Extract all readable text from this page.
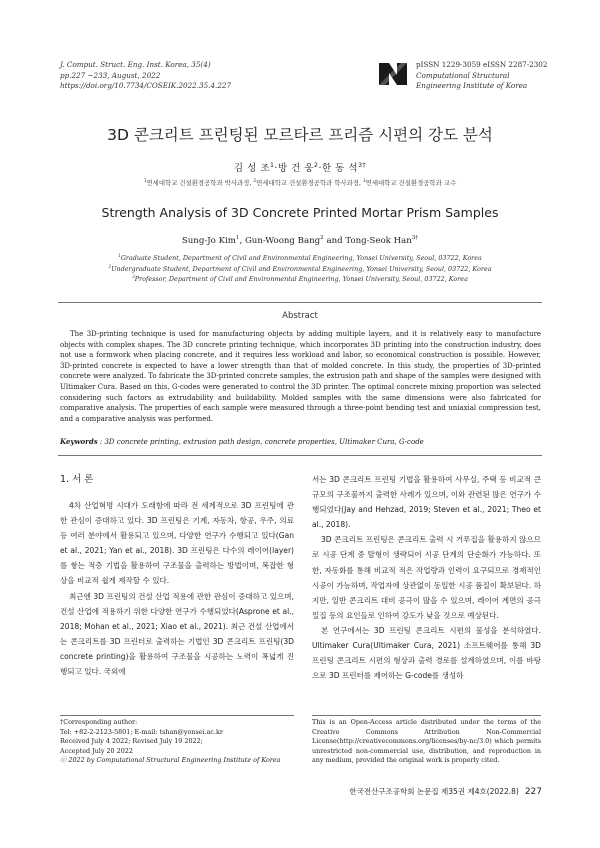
J. Comput. Struct. Eng. Inst. Korea, 35(4)
pp.227 ~233, August, 2022
https://doi.org/10.7734/COSEIK.2022.35.4.227
pISSN 1229-3059 eISSN 2287-2302
Computational Structural
Engineering Institute of Korea
3D 콘크리트 프린팅된 모르타르 프리즘 시편의 강도 분석
김 성 조$^1$·방 건 웅$^2$·한 동 석$^{3\dagger}$
$^1$연세대학교 건설환경공학과 박사과정, $^2$연세대학교 건설환경공학과 학사과정, $^3$연세대학교 건설환경공학과 교수
Strength Analysis of 3D Concrete Printed Mortar Prism Samples
Sung-Jo Kim$^1$, Gun-Woong Bang$^2$ and Tong-Seok Han$^{3\dagger}$
$^1$Graduate Student, Department of Civil and Environmental Engineering, Yonsei University, Seoul, 03722, Korea
$^2$Undergraduate Student, Department of Civil and Environmental Engineering, Yonsei University, Seoul, 03722, Korea
$^3$Professor, Department of Civil and Environmental Engineering, Yonsei University, Seoul, 03722, Korea
Abstract
The 3D-printing technique is used for manufacturing objects by adding multiple layers, and it is relatively easy to manufacture objects with complex shapes. The 3D concrete printing technique, which incorporates 3D printing into the construction industry, does not use a formwork when placing concrete, and it requires less workload and labor, so economical construction is possible. However, 3D-printed concrete is expected to have a lower strength than that of molded concrete. In this study, the properties of 3D-printed concrete were analyzed. To fabricate the 3D-printed concrete samples, the extrusion path and shape of the samples were designed with Ultimaker Cura. Based on this, G-codes were generated to control the 3D printer. The optimal concrete mixing proportion was selected considering such factors as extrudability and buildability. Molded samples with the same dimensions were also fabricated for comparative analysis. The properties of each sample were measured through a three-point bending test and uniaxial compression test, and a comparative analysis was performed.
Keywords : 3D concrete printing, extrusion path design, concrete properties, Ultimaker Cura, G-code
1. 서 론

4차 산업혁명 시대가 도래함에 따라 전 세계적으로 3D 프린팅에 관한 관심이 증대하고 있다. 3D 프린팅은 기계, 자동차, 항공, 우주, 의료 등 여러 분야에서 활용되고 있으며, 다양한 연구가 수행되고 있다(Gan et al., 2021; Yan et al., 2018). 3D 프린팅은 다수의 레이어(layer)를 쌓는 적층 기법을 활용하여 구조물을 출력하는 방법이며, 복잡한 형상을 비교적 쉽게 제작할 수 있다.

최근엔 3D 프린팅의 건설 산업 적용에 관한 관심이 증대하고 있으며, 건설 산업에 적용하기 위한 다양한 연구가 수행되었다(Asprone et al., 2018; Mohan et al., 2021; Xiao et al., 2021). 최근 건설 산업에서는 콘크리트를 3D 프린터로 출력하는 기법인 3D 콘크리트 프린팅(3D concrete printing)을 활용하여 구조물을 시공하는 노력이 폭넓게 진행되고 있다. 국외에

서는 3D 콘크리트 프린팅 기법을 활용하여 사무실, 주택 등 비교적 큰 규모의 구조물까지 출력한 사례가 있으며, 이와 관련된 많은 연구가 수행되었다(Jay and Hehzad, 2019; Steven et al., 2021; Theo et al., 2018).

3D 콘크리트 프린팅은 콘크리트 출력 시 거푸집을 활용하지 않으므로 시공 단계 중 탈형이 생략되어 시공 단계의 단순화가 가능하다. 또한, 자동화를 통해 비교적 적은 작업량과 인력이 요구되므로 경제적인 시공이 가능하며, 작업자에 상관없이 동일한 시공 품질이 확보된다. 하지만, 일반 콘크리트 대비 공극이 많을 수 있으며, 레이어 계면의 공극 밀집 등의 요인들로 인하여 강도가 낮을 것으로 예상된다.

본 연구에서는 3D 프린팅 콘크리트 시편의 물성을 분석하였다. Ultimaker Cura(Ultimaker Cura, 2021) 소프트웨어를 통해 3D 프린팅 콘크리트 시편의 형상과 출력 경로를 설계하였으며, 이를 바탕으로 3D 프린터를 제어하는 G-code를 생성하

†Corresponding author:
Tel: +82-2-2123-5801; E-mail: tshan@yonsei.ac.kr
Received July 4 2022; Revised July 19 2022;
Accepted July 20 2022
ⓒ 2022 by Computational Structural Engineering Institute of Korea
This is an Open-Access article distributed under the terms of the Creative Commons Attribution Non-Commercial License(http://creativecommons.org/licenses/by-nc/3.0) which permits unrestricted non-commercial use, distribution, and reproduction in any medium, provided the original work is properly cited.
한국전산구조공학회 논문집 제35권 제4호(2022.8) 227
